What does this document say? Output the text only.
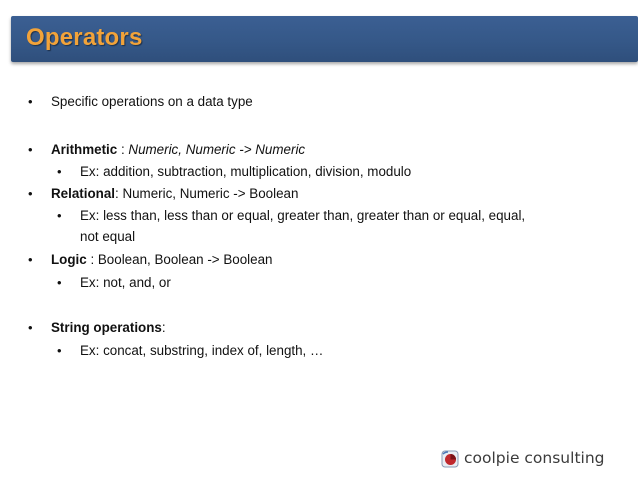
Operators
• Specific operations on a data type
• Arithmetic : Numeric, Numeric -> Numeric
• Ex: addition, subtraction, multiplication, division, modulo
• Relational: Numeric, Numeric -> Boolean
• Ex: less than, less than or equal, greater than, greater than or equal, equal,
not equal
• Logic : Boolean, Boolean -> Boolean
• Ex: not, and, or
• String operations:
• Ex: concat, substring, index of, length, …
coolpie consulting
